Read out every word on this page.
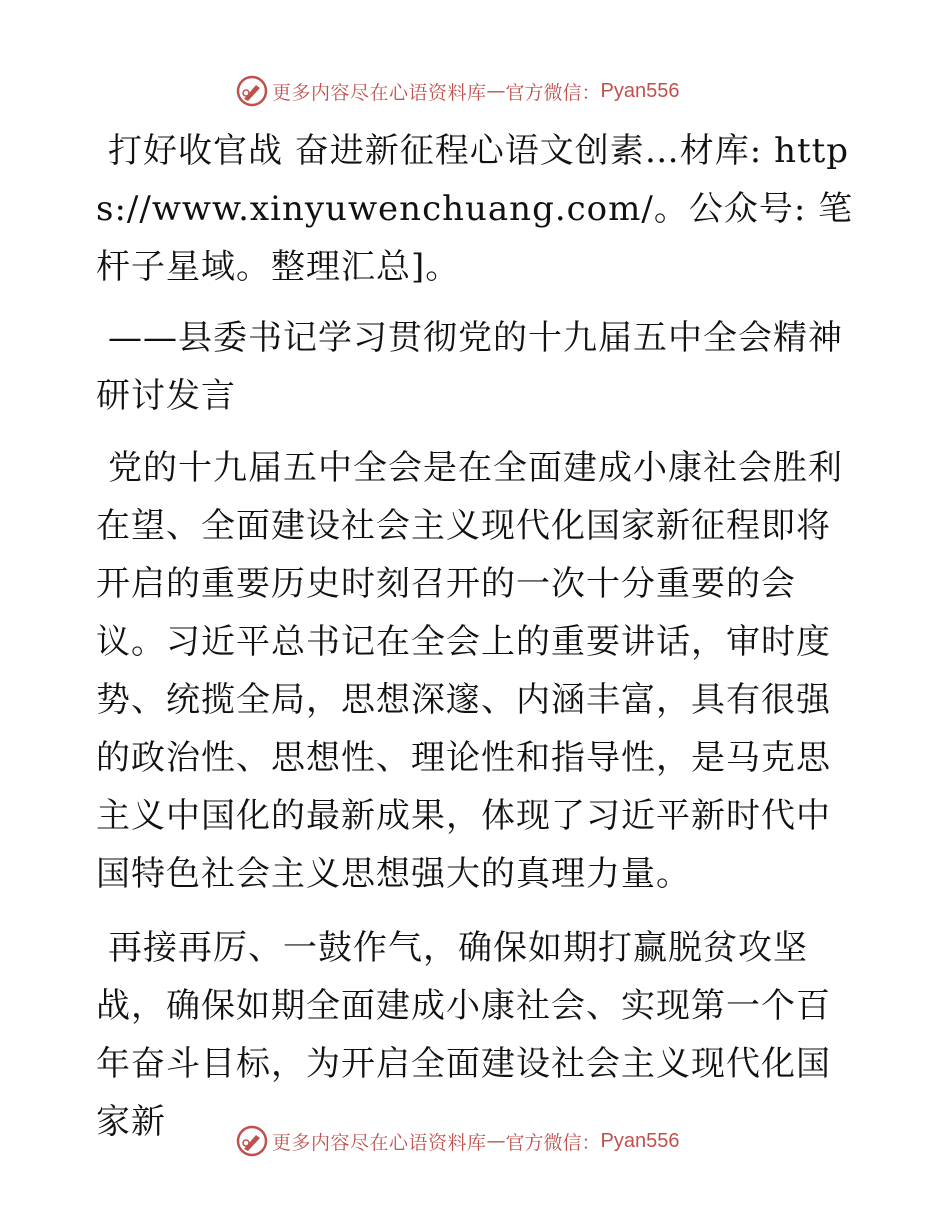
更多内容尽在心语资料库 — 官方微信： Pyan556

打好收官战 奋进新征程心语文创素…材库: https://www.xinyuwenchuang.com/。公众号: 笔杆子星域。整理汇总]。

——县委书记学习贯彻党的十九届五中全会精神研讨发言

党的十九届五中全会是在全面建成小康社会胜利在望、全面建设社会主义现代化国家新征程即将开启的重要历史时刻召开的一次十分重要的会议。习近平总书记在全会上的重要讲话，审时度势、统揽全局，思想深邃、内涵丰富，具有很强的政治性、思想性、理论性和指导性，是马克思主义中国化的最新成果，体现了习近平新时代中国特色社会主义思想强大的真理力量。

再接再厉、一鼓作气，确保如期打赢脱贫攻坚战，确保如期全面建成小康社会、实现第一个百年奋斗目标，为开启全面建设社会主义现代化国家新

更多内容尽在心语资料库 — 官方微信： Pyan556
